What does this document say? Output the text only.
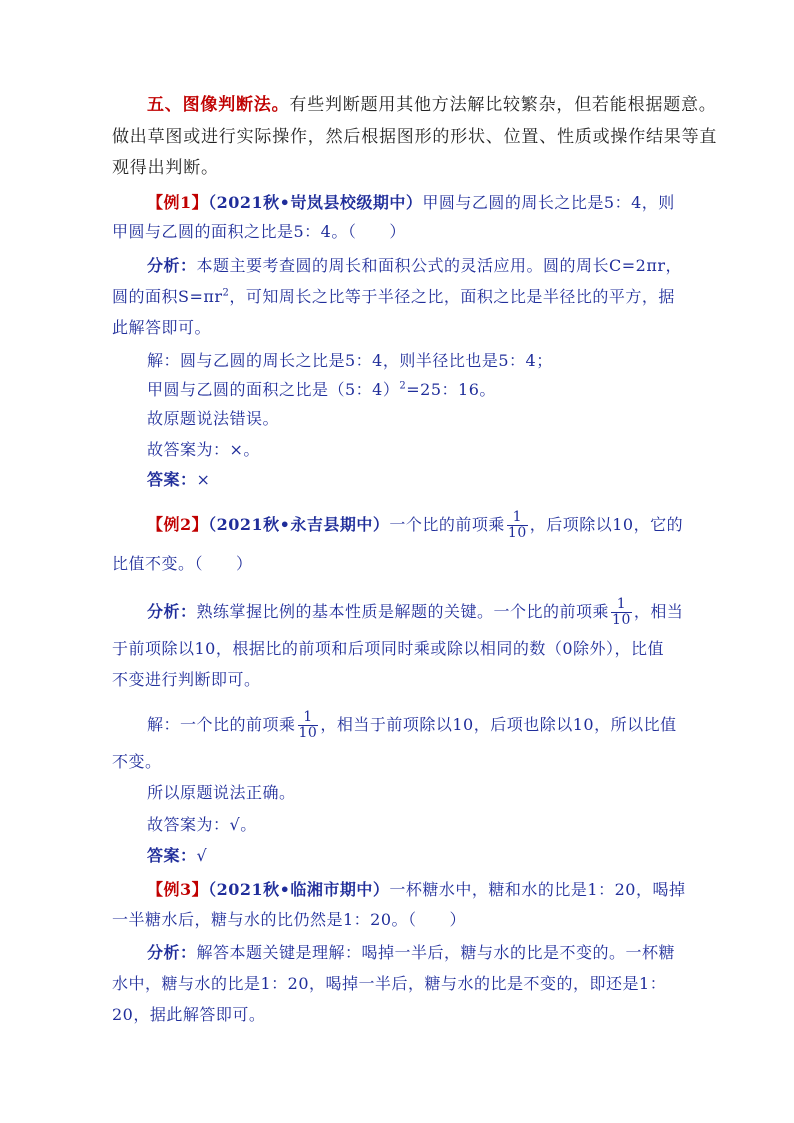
五、图像判断法。有些判断题用其他方法解比较繁杂，但若能根据题意。
做出草图或进行实际操作，然后根据图形的形状、位置、性质或操作结果等直
观得出判断。
【例1】（2021秋•岢岚县校级期中）甲圆与乙圆的周长之比是5：4，则
甲圆与乙圆的面积之比是5：4。（　　）
分析：本题主要考查圆的周长和面积公式的灵活应用。圆的周长C=2πr，
圆的面积$S=\pi r^2$，可知周长之比等于半径之比，面积之比是半径比的平方，据
此解答即可。
解：圆与乙圆的周长之比是5：4，则半径比也是5：4；
甲圆与乙圆的面积之比是（5：4）$^2$=25：16。
故原题说法错误。
故答案为：×。
答案：×
【例2】（2021秋•永吉县期中）一个比的前项乘 $\frac{1}{10}$ ，后项除以10，它的
比值不变。（　　）
分析：熟练掌握比例的基本性质是解题的关键。一个比的前项乘 $\frac{1}{10}$ ，相当
于前项除以10，根据比的前项和后项同时乘或除以相同的数（0除外），比值
不变进行判断即可。
解：一个比的前项乘 $\frac{1}{10}$ ，相当于前项除以10，后项也除以10，所以比值
不变。
所以原题说法正确。
故答案为：√。
答案：√
【例3】（2021秋•临湘市期中）一杯糖水中，糖和水的比是1：20，喝掉
一半糖水后，糖与水的比仍然是1：20。（　　）
分析：解答本题关键是理解：喝掉一半后，糖与水的比是不变的。一杯糖
水中，糖与水的比是1：20，喝掉一半后，糖与水的比是不变的，即还是1：
20，据此解答即可。
